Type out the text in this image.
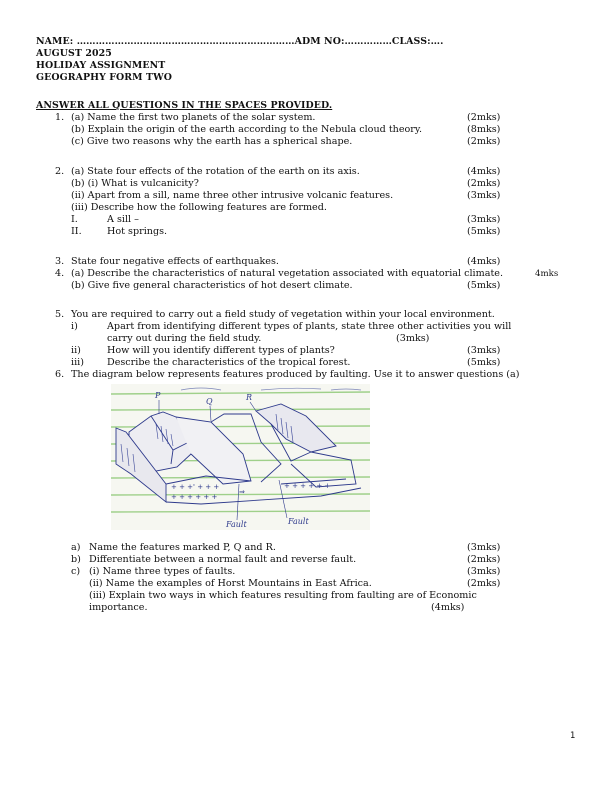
NAME: ……………………………………………………………ADM NO:……………CLASS:….
AUGUST 2025
HOLIDAY ASSIGNMENT
GEOGRAPHY FORM TWO
ANSWER ALL QUESTIONS IN THE SPACES PROVIDED.
1. (a) Name the first two planets of the solar system.	(2mks)
(b) Explain the origin of the earth according to the Nebula cloud theory.	(8mks)
(c) Give two reasons why the earth has a spherical shape.	(2mks)
2. (a) State four effects of the rotation of the earth on its axis.	(4mks)
(b) (i) What is vulcanicity?	(2mks)
(ii) Apart from a sill, name three other intrusive volcanic features.	(3mks)
(iii) Describe how the following features are formed.
I.	A sill –	(3mks)
II.	Hot springs.	(5mks)
3. State four negative effects of earthquakes.	(4mks)
4. (a) Describe the characteristics of natural vegetation associated with equatorial climate.	4mks
(b) Give five general characteristics of hot desert climate.	(5mks)
5. You are required to carry out a field study of vegetation within your local environment.
i)	Apart from identifying different types of plants, state three other activities you will
carry out during the field study.	(3mks)
ii)	How will you identify different types of plants?	(3mks)
iii) Describe the characteristics of the tropical forest.	(5mks)
6. The diagram below represents features produced by faulting. Use it to answer questions (a)
+ + +' + + +
+ + + + + +
+ + + + + +
⇒
P
Q	R
Fault	Fault
a) Name the features marked P, Q and R.	(3mks)
b) Differentiate between a normal fault and reverse fault.	(2mks)
c) (i) Name three types of faults.	(3mks)
(ii) Name the examples of Horst Mountains in East Africa.	(2mks)
(iii) Explain two ways in which features resulting from faulting are of Economic
importance.	(4mks)
1
